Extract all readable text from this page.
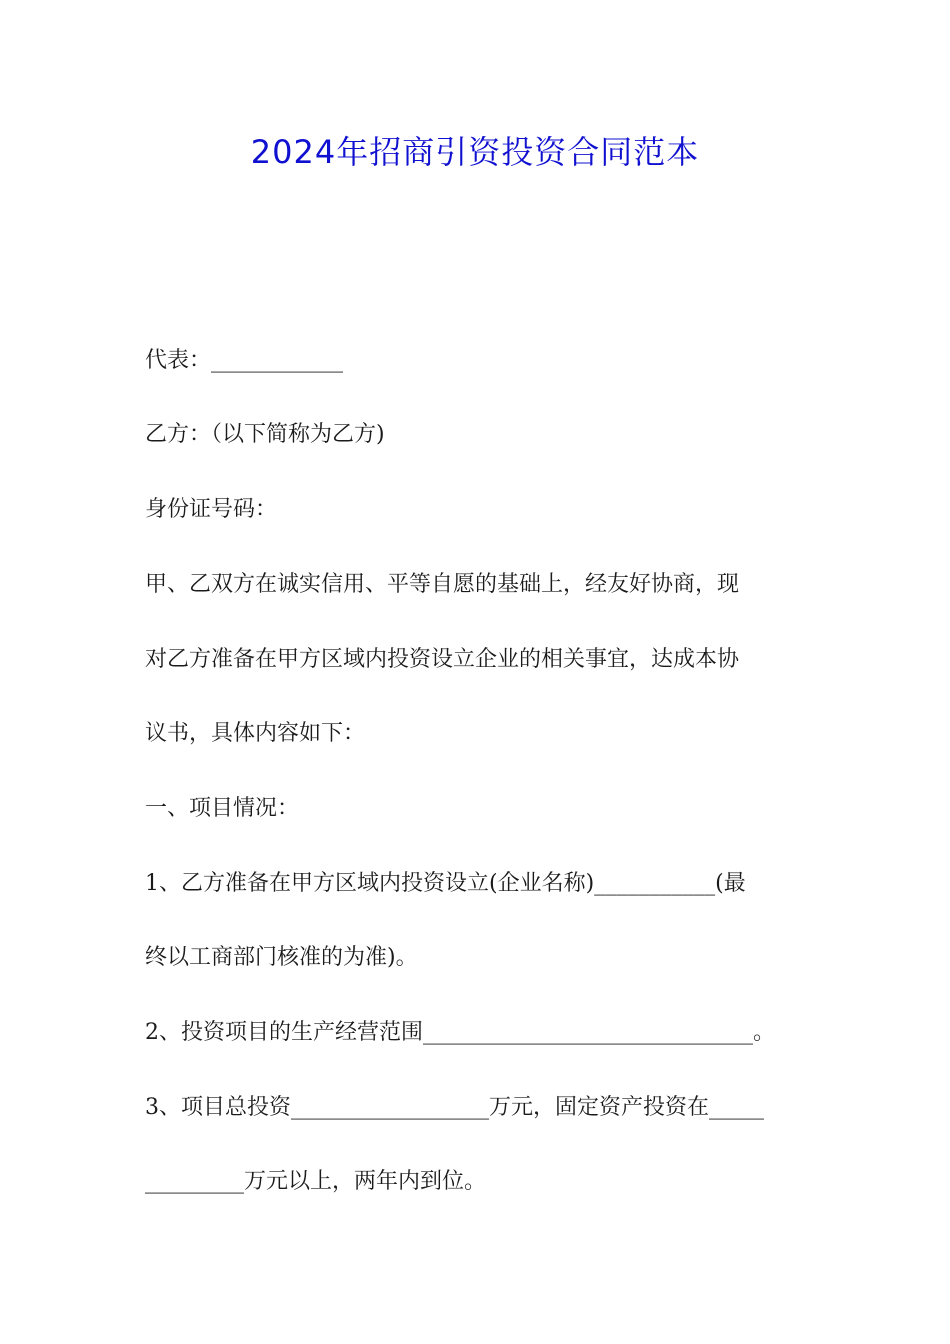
2024年招商引资投资合同范本
代表：____________
乙方：（以下简称为乙方)
身份证号码：
甲、乙双方在诚实信用、平等自愿的基础上，经友好协商，现
对乙方准备在甲方区域内投资设立企业的相关事宜，达成本协
议书，具体内容如下：
一、项目情况：
1、乙方准备在甲方区域内投资设立(企业名称)___________(最
终以工商部门核准的为准)。
2、投资项目的生产经营范围______________________________。
3、项目总投资__________________万元，固定资产投资在_____
_________万元以上，两年内到位。
